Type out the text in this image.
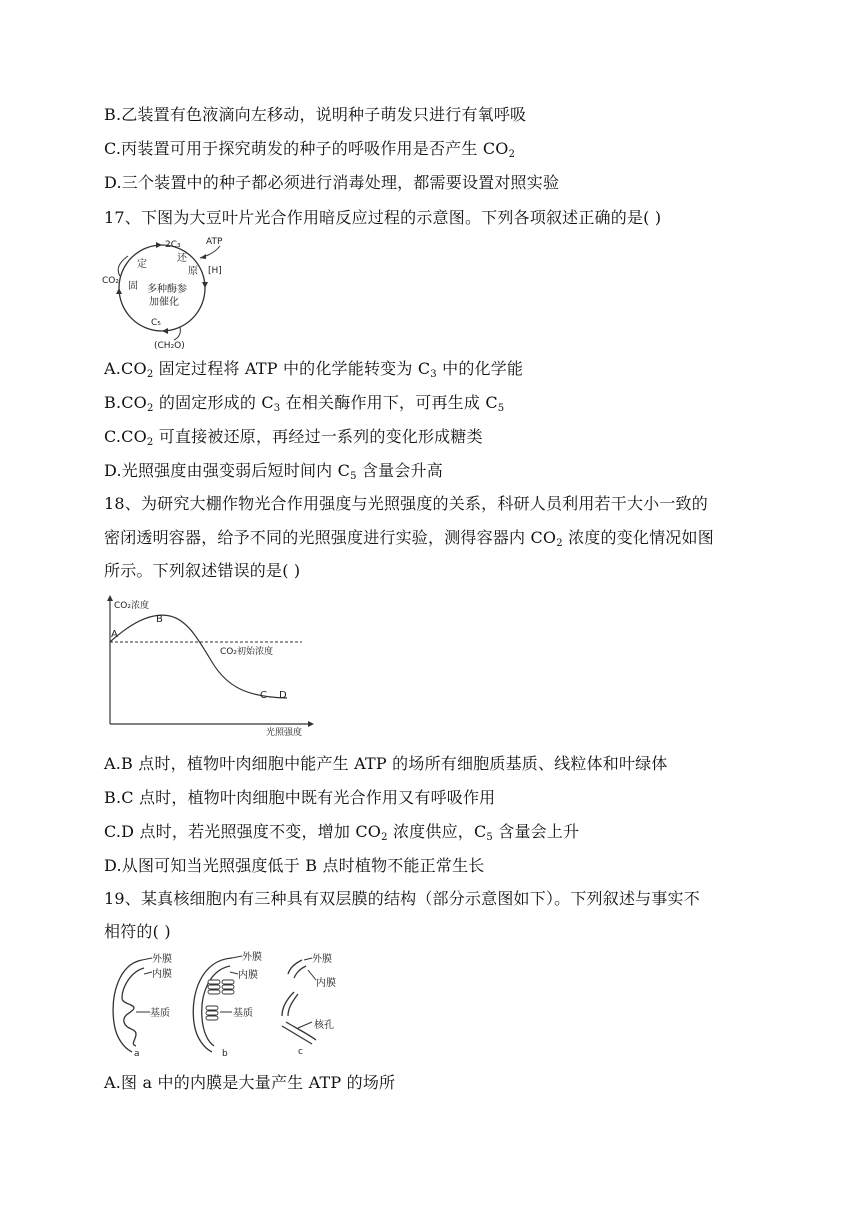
B.乙装置有色液滴向左移动，说明种子萌发只进行有氧呼吸
C.丙装置可用于探究萌发的种子的呼吸作用是否产生 $CO_2$
D.三个装置中的种子都必须进行消毒处理，都需要设置对照实验
17、下图为大豆叶片光合作用暗反应过程的示意图。下列各项叙述正确的是( )
2C₃	ATP
[H]
CO₂
C₅
(CH₂O)
定
固
还
原
多种酶参
加催化
$A.CO_2$ 固定过程将 ATP 中的化学能转变为 $C_3$ 中的化学能
$B.CO_2$ 的固定形成的 $C_3$ 在相关酶作用下，可再生成 $C_5$
$C.CO_2$ 可直接被还原，再经过一系列的变化形成糖类
D.光照强度由强变弱后短时间内 $C_5$ 含量会升高
18、为研究大棚作物光合作用强度与光照强度的关系，科研人员利用若干大小一致的
密闭透明容器，给予不同的光照强度进行实验，测得容器内 $CO_2$ 浓度的变化情况如图
所示。下列叙述错误的是( )
CO₂浓度
光照强度
CO₂初始浓度
A
B
C D
A.B 点时，植物叶肉细胞中能产生 ATP 的场所有细胞质基质、线粒体和叶绿体
B.C 点时，植物叶肉细胞中既有光合作用又有呼吸作用
C.D 点时，若光照强度不变，增加 $CO_2$ 浓度供应，$C_5$ 含量会上升
D.从图可知当光照强度低于 B 点时植物不能正常生长
19、某真核细胞内有三种具有双层膜的结构（部分示意图如下）。下列叙述与事实不
相符的( )
外膜
内膜
基质
a
外膜
内膜
基质
b
外膜
内膜
核孔
c
A.图 a 中的内膜是大量产生 ATP 的场所
